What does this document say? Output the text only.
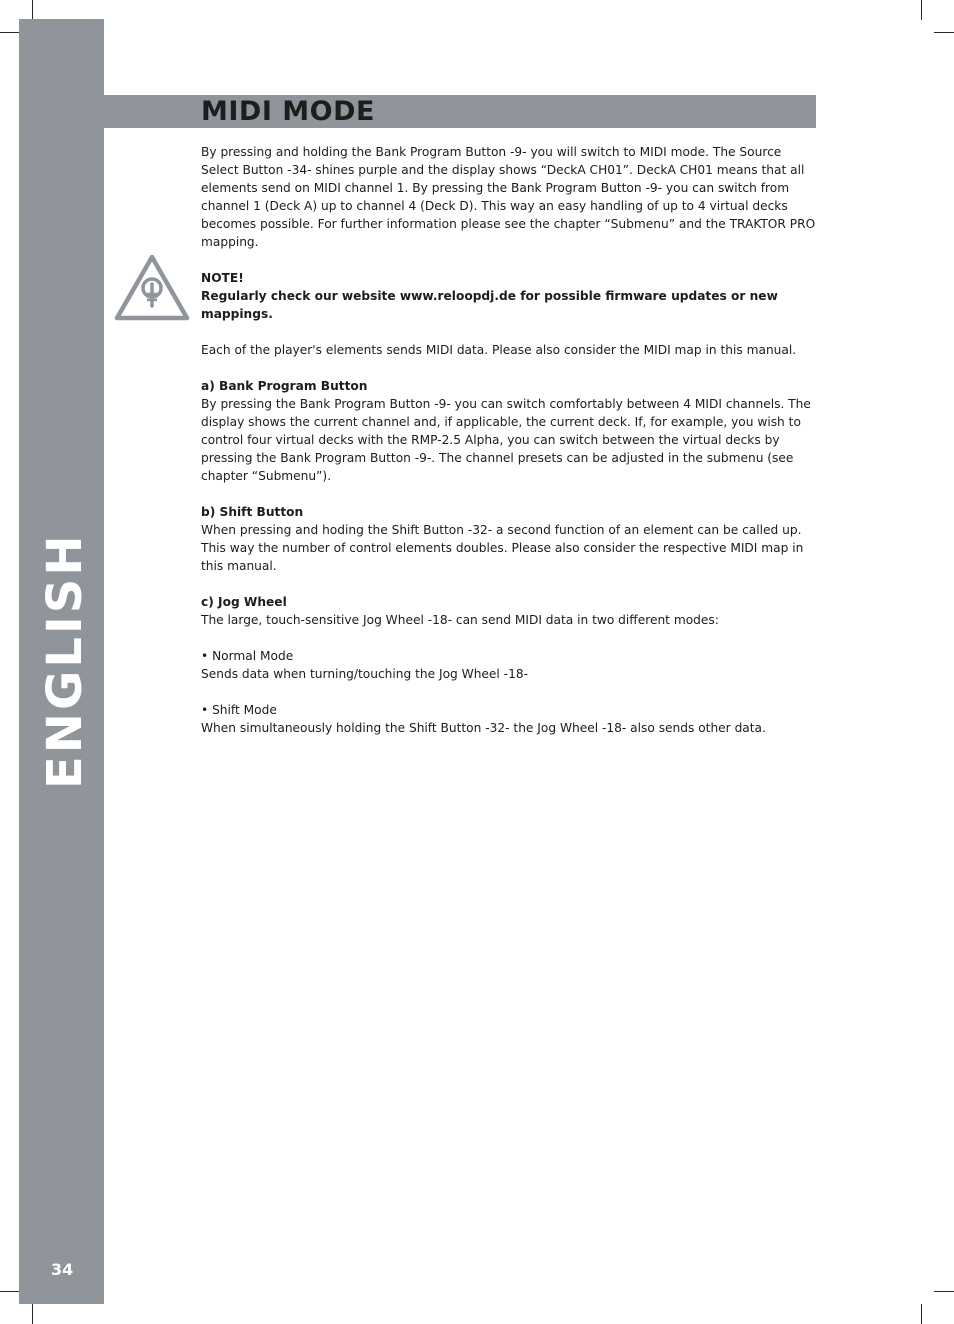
ENGLISH
34
MIDI MODE

By pressing and holding the Bank Program Button -9- you will switch to MIDI mode. The Source Select Button -34- shines purple and the display shows “DeckA CH01”. DeckA CH01 means that all elements send on MIDI channel 1. By pressing the Bank Program Button -9- you can switch from channel 1 (Deck A) up to channel 4 (Deck D). This way an easy handling of up to 4 virtual decks becomes possible. For further information please see the chapter “Submenu” and the TRAKTOR PRO mapping.

NOTE!
Regularly check our website www.reloopdj.de for possible firmware updates or new mappings.

Each of the player's elements sends MIDI data. Please also consider the MIDI map in this manual.

a) Bank Program Button
By pressing the Bank Program Button -9- you can switch comfortably between 4 MIDI channels. The display shows the current channel and, if applicable, the current deck. If, for example, you wish to control four virtual decks with the RMP-2.5 Alpha, you can switch between the virtual decks by pressing the Bank Program Button -9-. The channel presets can be adjusted in the submenu (see chapter “Submenu”).

b) Shift Button
When pressing and hoding the Shift Button -32- a second function of an element can be called up. This way the number of control elements doubles. Please also consider the respective MIDI map in this manual.

c) Jog Wheel
The large, touch-sensitive Jog Wheel -18- can send MIDI data in two different modes:

• Normal Mode
Sends data when turning/touching the Jog Wheel -18-

• Shift Mode
When simultaneously holding the Shift Button -32- the Jog Wheel -18- also sends other data.
